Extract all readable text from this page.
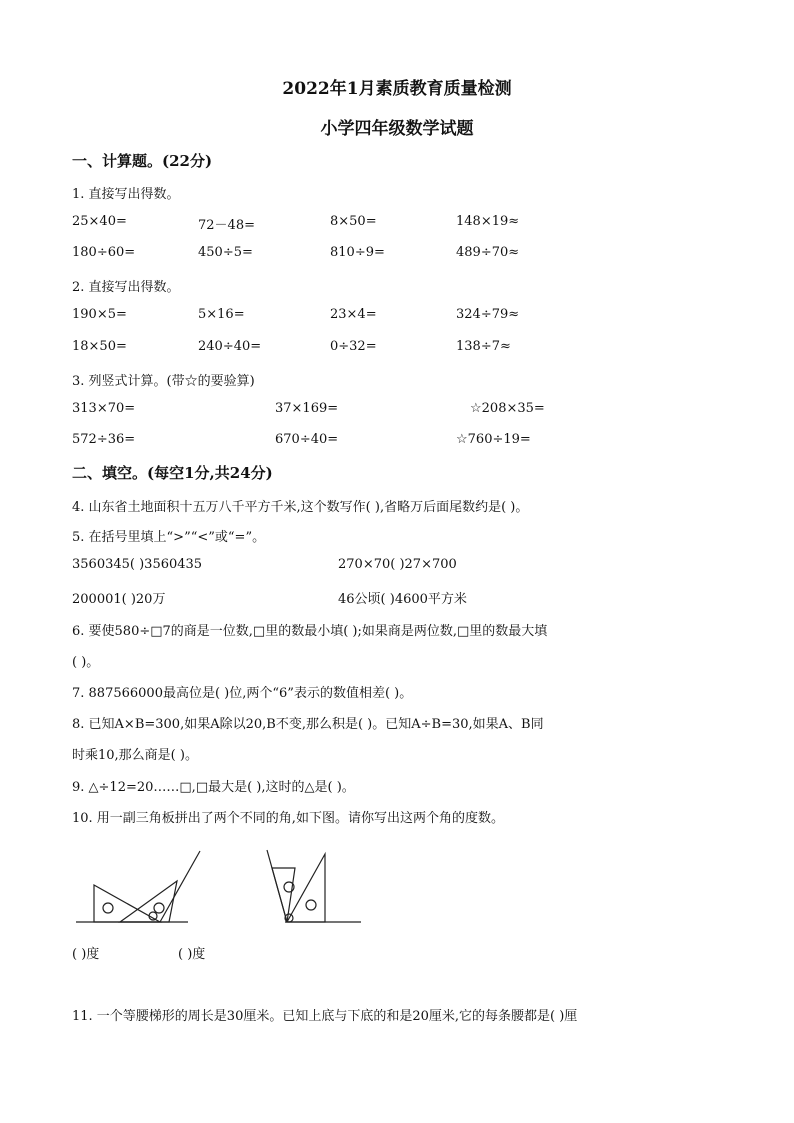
2022年1月素质教育质量检测
小学四年级数学试题
一、计算题。(22分)
1. 直接写出得数。
25×40=	72－48=	8×50=	148×19≈
180÷60=	450÷5=	810÷9=	489÷70≈
2. 直接写出得数。
190×5=	5×16=	23×4=	324÷79≈
18×50=	240÷40=	0÷32=	138÷7≈
3. 列竖式计算。(带☆的要验算)
313×70=	37×169=	☆208×35=
572÷36=	670÷40=	☆760÷19=
二、填空。(每空1分,共24分)
4. 山东省土地面积十五万八千平方千米,这个数写作( ),省略万后面尾数约是( )。
5. 在括号里填上“>”“<”或“=”。
3560345( )3560435	270×70( )27×700
200001( )20万	46公顷( )4600平方米
6. 要使580÷□7的商是一位数,□里的数最小填( );如果商是两位数,□里的数最大填
( )。
7. 887566000最高位是( )位,两个“6”表示的数值相差( )。
8. 已知A×B=300,如果A除以20,B不变,那么积是( )。已知A÷B=30,如果A、B同
时乘10,那么商是( )。
9. △÷12=20……□,□最大是( ),这时的△是( )。
10. 用一副三角板拼出了两个不同的角,如下图。请你写出这两个角的度数。
( )度	( )度
11. 一个等腰梯形的周长是30厘米。已知上底与下底的和是20厘米,它的每条腰都是( )厘
